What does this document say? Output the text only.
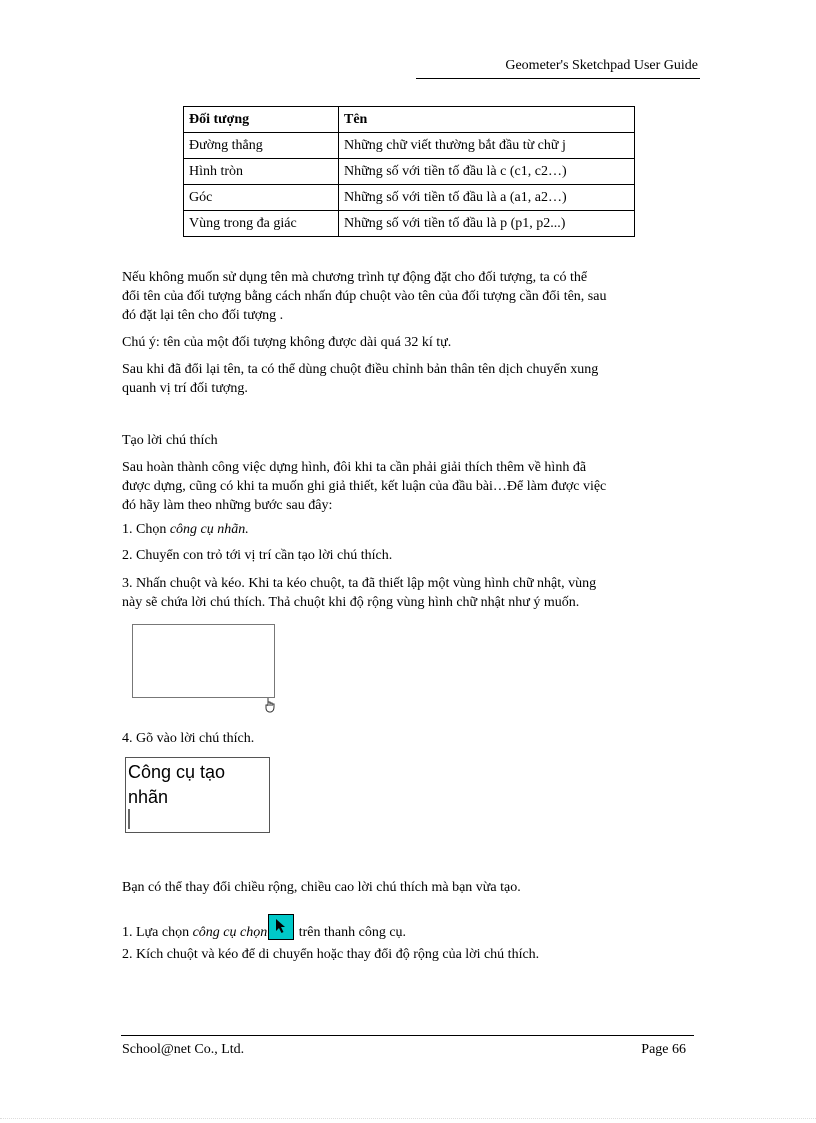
Geometer's Sketchpad User Guide
Đối tượng	Tên
Đường thẳng	Những chữ viết thường bắt đầu từ chữ j
Hình tròn	Những số với tiền tố đầu là c (c1, c2…)
Góc	Những số với tiền tố đầu là a (a1, a2…)
Vùng trong đa giác	Những số với tiền tố đầu là p (p1, p2...)
Nếu không muốn sử dụng tên mà chương trình tự động đặt cho đối tượng, ta có thể
đổi tên của đối tượng bằng cách nhấn đúp chuột vào tên của đối tượng cần đổi tên, sau
đó đặt lại tên cho đối tượng .
Chú ý: tên của một đối tượng không được dài quá 32 kí tự.
Sau khi đã đổi lại tên, ta có thể dùng chuột điều chỉnh bản thân tên dịch chuyển xung
quanh vị trí đối tượng.
Tạo lời chú thích
Sau hoàn thành công việc dựng hình, đôi khi ta cần phải giải thích thêm về hình đã
được dựng, cũng có khi ta muốn ghi giả thiết, kết luận của đầu bài…Để làm được việc
đó hãy làm theo những bước sau đây:
1. Chọn công cụ nhãn.
2. Chuyển con trỏ tới vị trí cần tạo lời chú thích.
3. Nhấn chuột và kéo. Khi ta kéo chuột, ta đã thiết lập một vùng hình chữ nhật, vùng
này sẽ chứa lời chú thích. Thả chuột khi độ rộng vùng hình chữ nhật như ý muốn.
4. Gõ vào lời chú thích.
Công cụ tạo
nhãn
Bạn có thể thay đổi chiều rộng, chiều cao lời chú thích mà bạn vừa tạo.
1. Lựa chọn công cụ chọn
trên thanh công cụ.
2. Kích chuột và kéo để di chuyển hoặc thay đổi độ rộng của lời chú thích.
School@net Co., Ltd.	Page 66
